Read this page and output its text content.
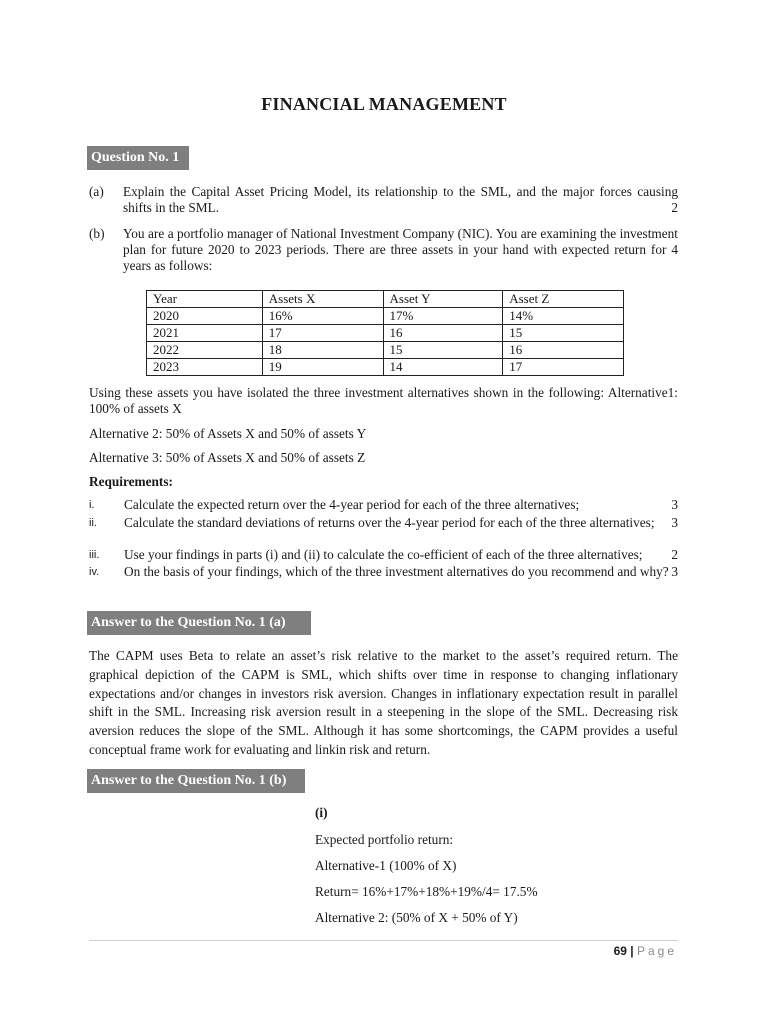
FINANCIAL MANAGEMENT
Question No. 1
(a) Explain the Capital Asset Pricing Model, its relationship to the SML, and the major forces causing shifts in the SML.	2
(b) You are a portfolio manager of National Investment Company (NIC). You are examining the investment plan for future 2020 to 2023 periods. There are three assets in your hand with expected return for 4 years as follows:
Year	Assets X	Asset Y	Asset Z
2020	16%	17%	14%
2021	17	16	15
2022	18	15	16
2023	19	14	17
Using these assets you have isolated the three investment alternatives shown in the following: Alternative1: 100% of assets X
Alternative 2: 50% of Assets X and 50% of assets Y
Alternative 3: 50% of Assets X and 50% of assets Z
Requirements:
i. Calculate the expected return over the 4-year period for each of the three alternatives;	3
ii. Calculate the standard deviations of returns over the 4-year period for each of the three alternatives;	3
iii. Use your findings in parts (i) and (ii) to calculate the co-efficient of each of the three alternatives; 2
iv. On the basis of your findings, which of the three investment alternatives do you recommend and why? 3
Answer to the Question No. 1 (a)
The CAPM uses Beta to relate an asset’s risk relative to the market to the asset’s required return. The graphical depiction of the CAPM is SML, which shifts over time in response to changing inflationary expectations and/or changes in investors risk aversion. Changes in inflationary expectation result in parallel shift in the SML. Increasing risk aversion result in a steepening in the slope of the SML. Decreasing risk aversion reduces the slope of the SML. Although it has some shortcomings, the CAPM provides a useful conceptual frame work for evaluating and linkin risk and return.
Answer to the Question No. 1 (b)
(i)
Expected portfolio return:
Alternative-1 (100% of X)
Return= 16%+17%+18%+19%/4= 17.5%
Alternative 2: (50% of X + 50% of Y)
69 | Page
